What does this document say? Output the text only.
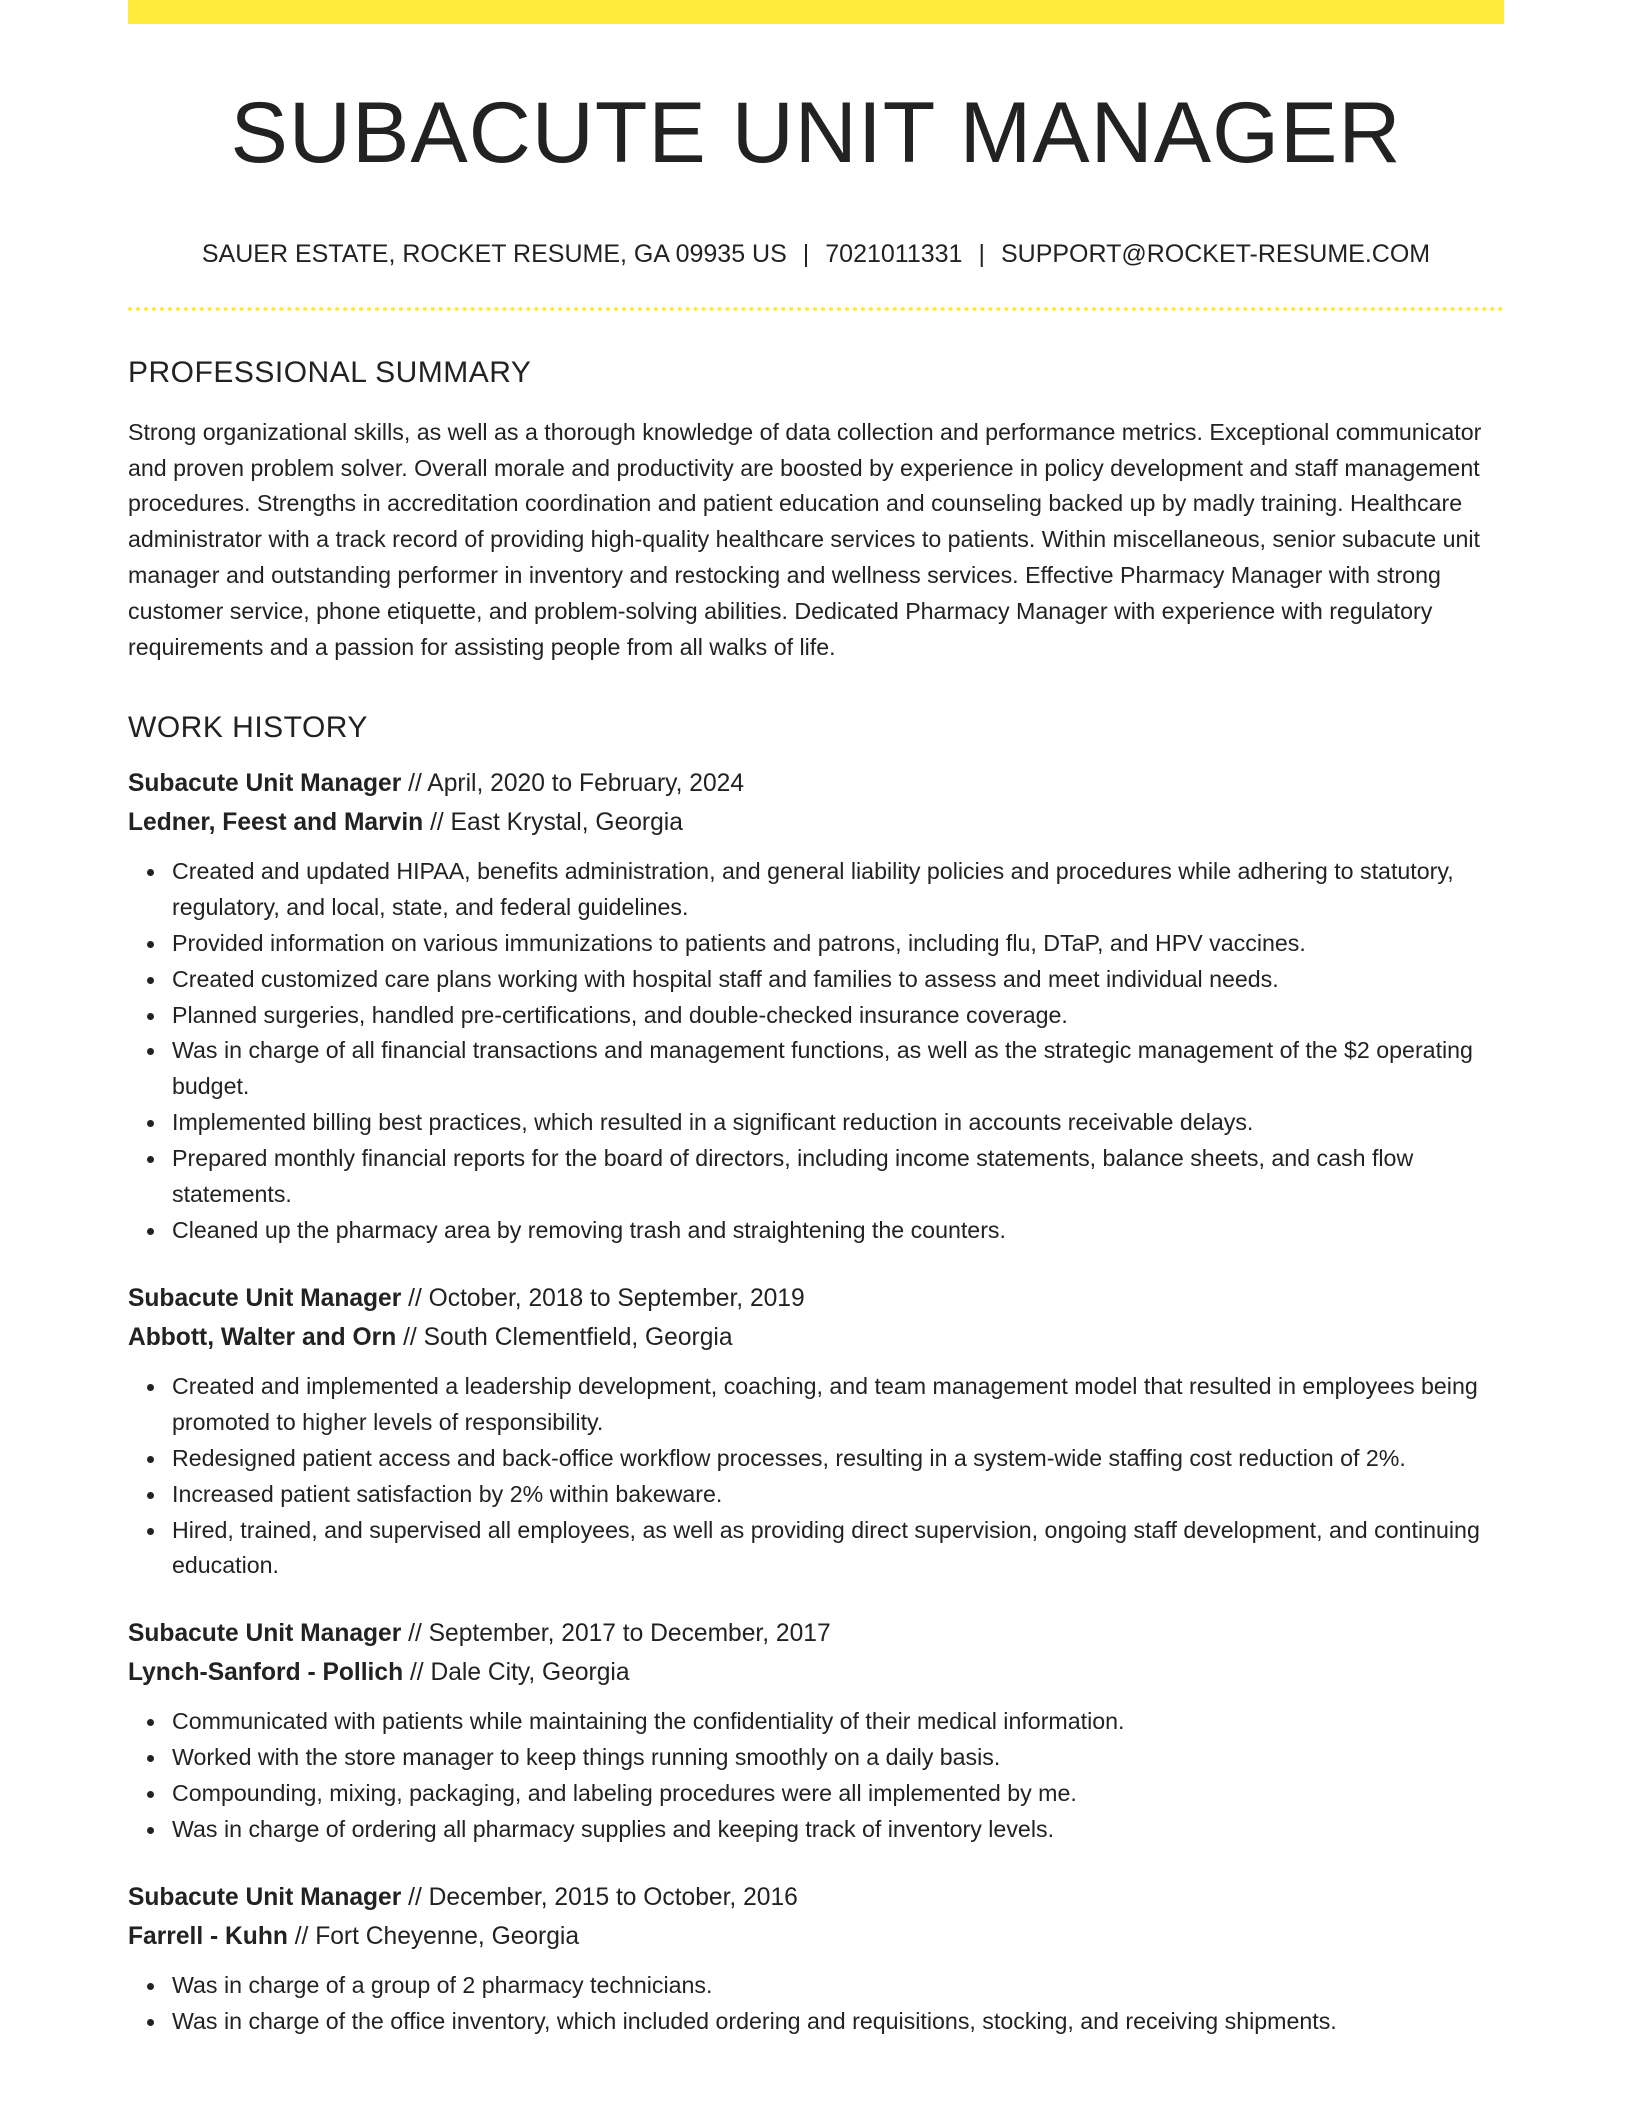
SUBACUTE UNIT MANAGER
SAUER ESTATE, ROCKET RESUME, GA 09935 US | 7021011331 | SUPPORT@ROCKET-RESUME.COM
PROFESSIONAL SUMMARY

Strong organizational skills, as well as a thorough knowledge of data collection and performance metrics. Exceptional communicator and proven problem solver. Overall morale and productivity are boosted by experience in policy development and staff management procedures. Strengths in accreditation coordination and patient education and counseling backed up by madly training. Healthcare administrator with a track record of providing high-quality healthcare services to patients. Within miscellaneous, senior subacute unit manager and outstanding performer in inventory and restocking and wellness services. Effective Pharmacy Manager with strong customer service, phone etiquette, and problem-solving abilities. Dedicated Pharmacy Manager with experience with regulatory requirements and a passion for assisting people from all walks of life.

WORK HISTORY
Subacute Unit Manager // April, 2020 to February, 2024
Ledner, Feest and Marvin // East Krystal, Georgia
Created and updated HIPAA, benefits administration, and general liability policies and procedures while adhering to statutory, regulatory, and local, state, and federal guidelines.
Provided information on various immunizations to patients and patrons, including flu, DTaP, and HPV vaccines.
Created customized care plans working with hospital staff and families to assess and meet individual needs.
Planned surgeries, handled pre-certifications, and double-checked insurance coverage.
Was in charge of all financial transactions and management functions, as well as the strategic management of the $2 operating budget.
Implemented billing best practices, which resulted in a significant reduction in accounts receivable delays.
Prepared monthly financial reports for the board of directors, including income statements, balance sheets, and cash flow statements.
Cleaned up the pharmacy area by removing trash and straightening the counters.
Subacute Unit Manager // October, 2018 to September, 2019
Abbott, Walter and Orn // South Clementfield, Georgia
Created and implemented a leadership development, coaching, and team management model that resulted in employees being promoted to higher levels of responsibility.
Redesigned patient access and back-office workflow processes, resulting in a system-wide staffing cost reduction of 2%.
Increased patient satisfaction by 2% within bakeware.
Hired, trained, and supervised all employees, as well as providing direct supervision, ongoing staff development, and continuing education.
Subacute Unit Manager // September, 2017 to December, 2017
Lynch-Sanford - Pollich // Dale City, Georgia
Communicated with patients while maintaining the confidentiality of their medical information.
Worked with the store manager to keep things running smoothly on a daily basis.
Compounding, mixing, packaging, and labeling procedures were all implemented by me.
Was in charge of ordering all pharmacy supplies and keeping track of inventory levels.
Subacute Unit Manager // December, 2015 to October, 2016
Farrell - Kuhn // Fort Cheyenne, Georgia
Was in charge of a group of 2 pharmacy technicians.
Was in charge of the office inventory, which included ordering and requisitions, stocking, and receiving shipments.
